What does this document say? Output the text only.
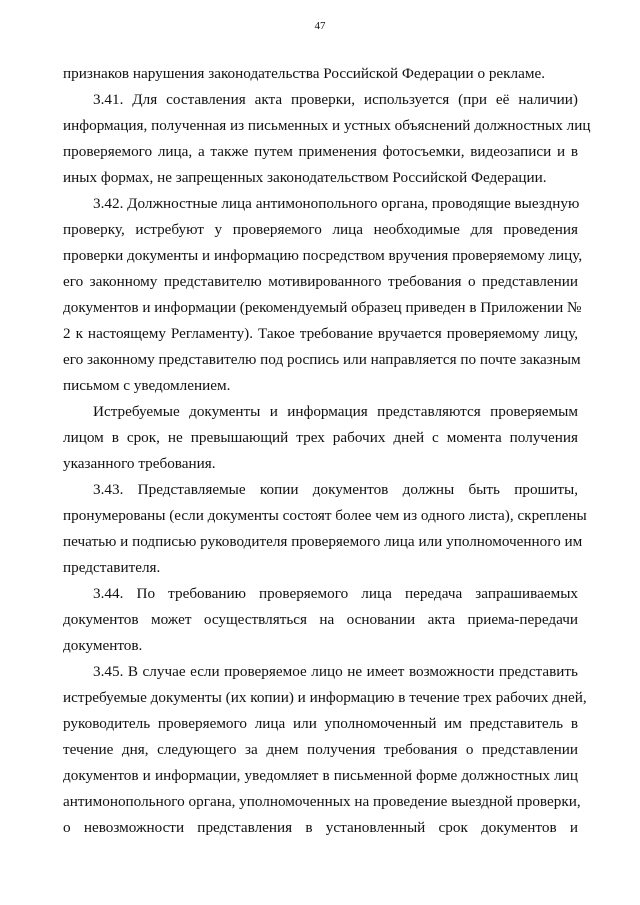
47
признаков нарушения законодательства Российской Федерации о рекламе.
3.41. Для составления акта проверки, используется (при её наличии)
информация, полученная из письменных и устных объяснений должностных лиц
проверяемого лица, а также путем применения фотосъемки, видеозаписи и в
иных формах, не запрещенных законодательством Российской Федерации.
3.42. Должностные лица антимонопольного органа, проводящие выездную
проверку, истребуют у проверяемого лица необходимые для проведения
проверки документы и информацию посредством вручения проверяемому лицу,
его законному представителю мотивированного требования о представлении
документов и информации (рекомендуемый образец приведен в Приложении №
2 к настоящему Регламенту). Такое требование вручается проверяемому лицу,
его законному представителю под роспись или направляется по почте заказным
письмом с уведомлением.
Истребуемые документы и информация представляются проверяемым
лицом в срок, не превышающий трех рабочих дней с момента получения
указанного требования.
3.43. Представляемые копии документов должны быть прошиты,
пронумерованы (если документы состоят более чем из одного листа), скреплены
печатью и подписью руководителя проверяемого лица или уполномоченного им
представителя.
3.44. По требованию проверяемого лица передача запрашиваемых
документов может осуществляться на основании акта приема-передачи
документов.
3.45. В случае если проверяемое лицо не имеет возможности представить
истребуемые документы (их копии) и информацию в течение трех рабочих дней,
руководитель проверяемого лица или уполномоченный им представитель в
течение дня, следующего за днем получения требования о представлении
документов и информации, уведомляет в письменной форме должностных лиц
антимонопольного органа, уполномоченных на проведение выездной проверки,
о невозможности представления в установленный срок документов и
